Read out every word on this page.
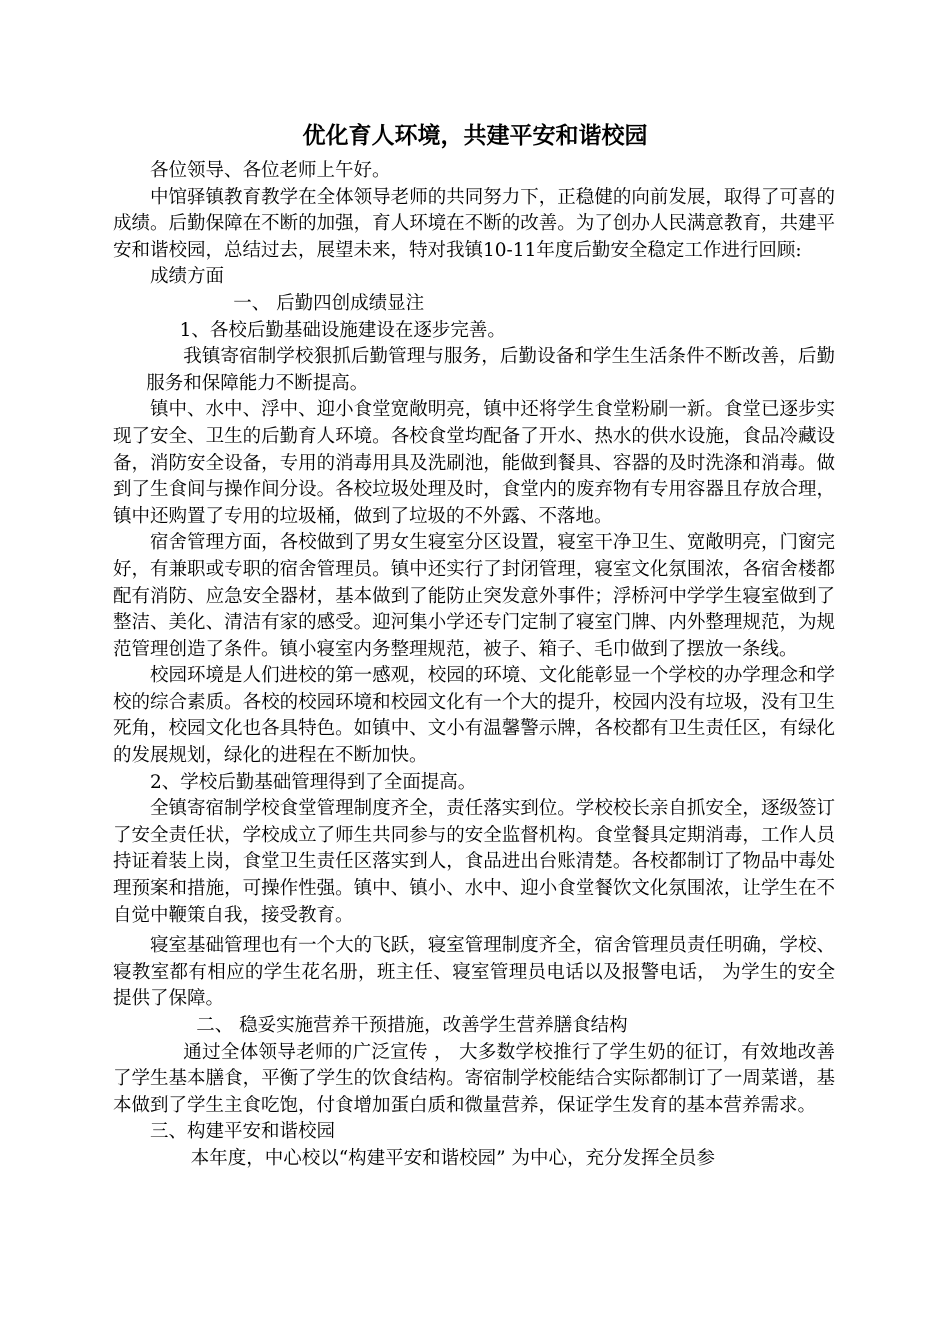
优化育人环境，共建平安和谐校园

各位领导、各位老师上午好。

中馆驿镇教育教学在全体领导老师的共同努力下，正稳健的向前发展，取得了可喜的成绩。后勤保障在不断的加强，育人环境在不断的改善。为了创办人民满意教育，共建平安和谐校园，总结过去，展望未来，特对我镇10-11年度后勤安全稳定工作进行回顾:

成绩方面

一、 后勤四创成绩显注

1、各校后勤基础设施建设在逐步完善。

我镇寄宿制学校狠抓后勤管理与服务，后勤设备和学生生活条件不断改善，后勤服务和保障能力不断提高。

镇中、水中、浮中、迎小食堂宽敞明亮，镇中还将学生食堂粉刷一新。食堂已逐步实现了安全、卫生的后勤育人环境。各校食堂均配备了开水、热水的供水设施，食品冷藏设备，消防安全设备，专用的消毒用具及洗刷池，能做到餐具、容器的及时洗涤和消毒。做到了生食间与操作间分设。各校垃圾处理及时，食堂内的废弃物有专用容器且存放合理，镇中还购置了专用的垃圾桶，做到了垃圾的不外露、不落地。

宿舍管理方面，各校做到了男女生寝室分区设置，寝室干净卫生、宽敞明亮，门窗完好，有兼职或专职的宿舍管理员。镇中还实行了封闭管理，寝室文化氛围浓，各宿舍楼都配有消防、应急安全器材，基本做到了能防止突发意外事件；浮桥河中学学生寝室做到了整洁、美化、清洁有家的感受。迎河集小学还专门定制了寝室门牌、内外整理规范，为规范管理创造了条件。镇小寝室内务整理规范，被子、箱子、毛巾做到了摆放一条线。

校园环境是人们进校的第一感观，校园的环境、文化能彰显一个学校的办学理念和学校的综合素质。各校的校园环境和校园文化有一个大的提升，校园内没有垃圾，没有卫生死角，校园文化也各具特色。如镇中、文小有温馨警示牌，各校都有卫生责任区，有绿化的发展规划，绿化的进程在不断加快。

2、学校后勤基础管理得到了全面提高。

全镇寄宿制学校食堂管理制度齐全，责任落实到位。学校校长亲自抓安全，逐级签订了安全责任状，学校成立了师生共同参与的安全监督机构。食堂餐具定期消毒，工作人员持证着装上岗，食堂卫生责任区落实到人，食品进出台账清楚。各校都制订了物品中毒处理预案和措施，可操作性强。镇中、镇小、水中、迎小食堂餐饮文化氛围浓，让学生在不自觉中鞭策自我，接受教育。

寝室基础管理也有一个大的飞跃，寝室管理制度齐全，宿舍管理员责任明确，学校、寝教室都有相应的学生花名册，班主任、寝室管理员电话以及报警电话， 为学生的安全提供了保障。

二、 稳妥实施营养干预措施，改善学生营养膳食结构

通过全体领导老师的广泛宣传 ， 大多数学校推行了学生奶的征订，有效地改善了学生基本膳食，平衡了学生的饮食结构。寄宿制学校能结合实际都制订了一周菜谱，基本做到了学生主食吃饱，付食增加蛋白质和微量营养，保证学生发育的基本营养需求。

三、构建平安和谐校园

本年度，中心校以“构建平安和谐校园” 为中心，充分发挥全员参
